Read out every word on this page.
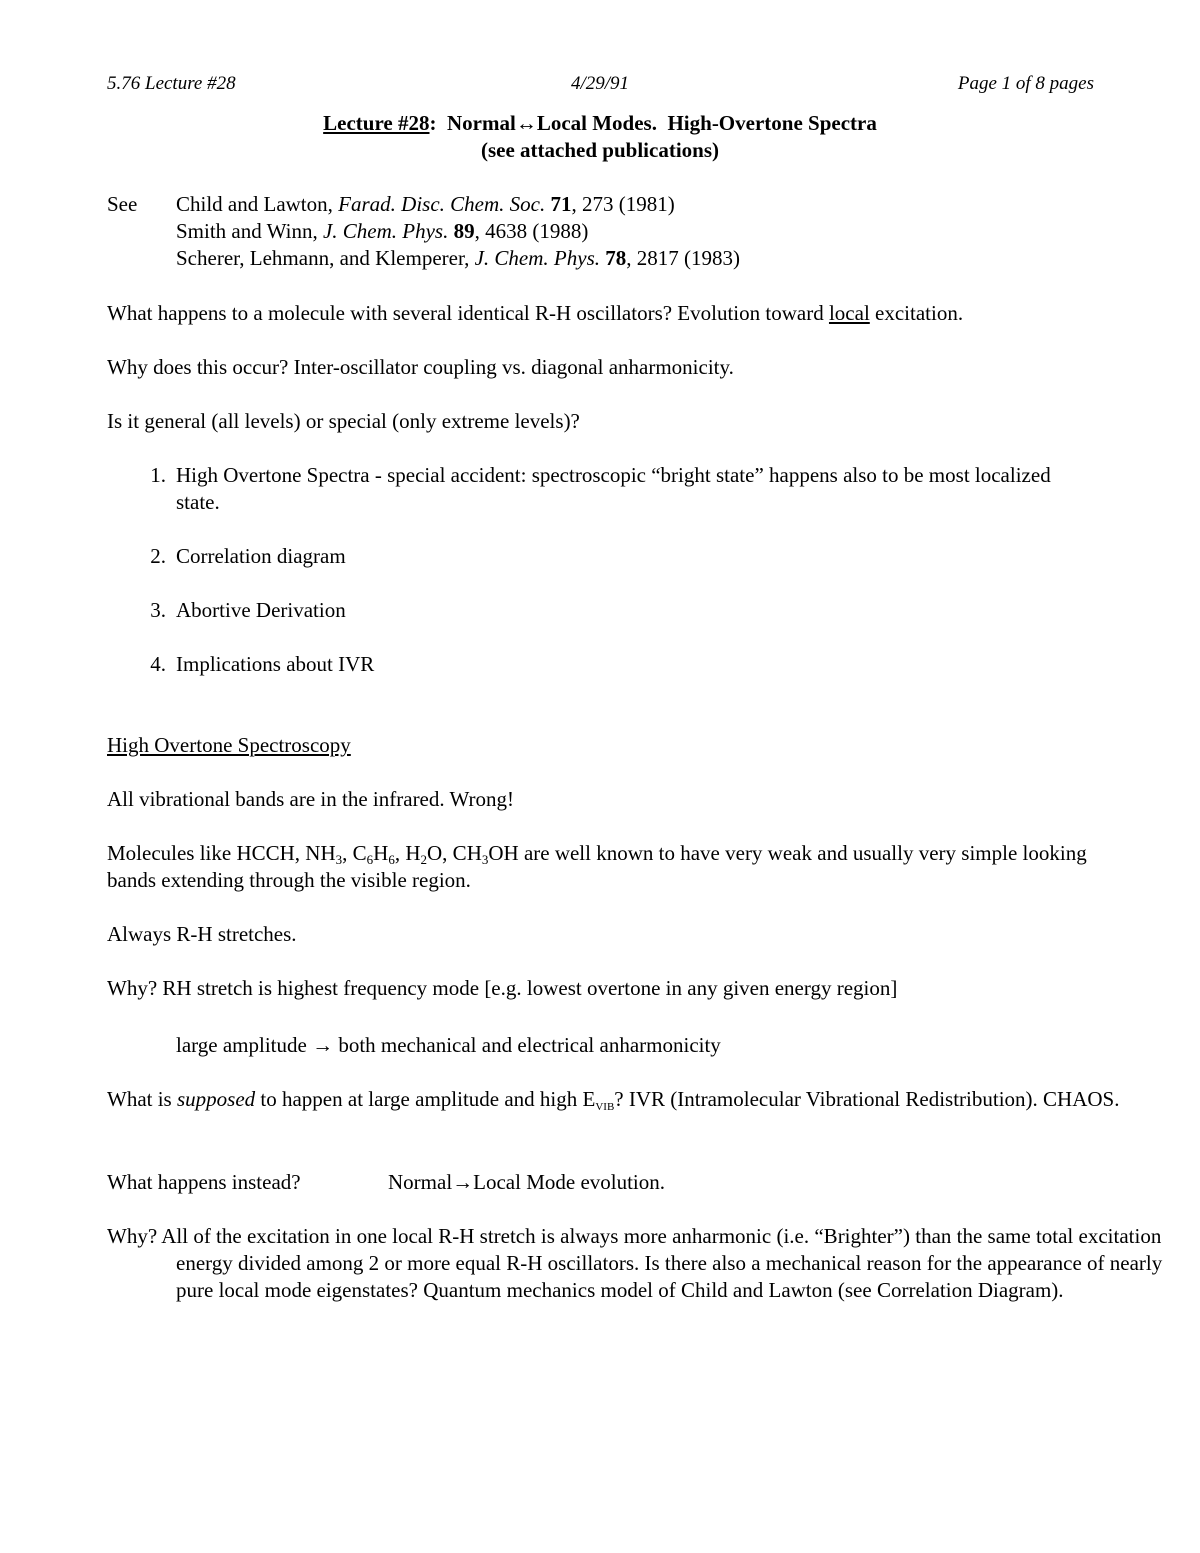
5.76 Lecture #28	4/29/91	Page 1 of 8 pages
Lecture #28:  Normal↔Local Modes.  High-Overtone Spectra
(see attached publications)
See Child and Lawton, Farad. Disc. Chem. Soc. 71, 273 (1981)
Smith and Winn, J. Chem. Phys. 89, 4638 (1988)
Scherer, Lehmann, and Klemperer, J. Chem. Phys. 78, 2817 (1983)
What happens to a molecule with several identical R-H oscillators? Evolution toward local excitation.
Why does this occur? Inter-oscillator coupling vs. diagonal anharmonicity.
Is it general (all levels) or special (only extreme levels)?
1. High Overtone Spectra - special accident: spectroscopic “bright state” happens also to be most localized state.
2. Correlation diagram
3. Abortive Derivation
4. Implications about IVR
High Overtone Spectroscopy
All vibrational bands are in the infrared. Wrong!
Molecules like HCCH, $NH_3$, $C_6H_6$, $H_2O$, $CH_3OH$ are well known to have very weak and usually very simple looking bands extending through the visible region.
Always R-H stretches.
Why? RH stretch is highest frequency mode [e.g. lowest overtone in any given energy region]
large amplitude → both mechanical and electrical anharmonicity
What is supposed to happen at large amplitude and high $E_{VIB}$? IVR (Intramolecular Vibrational Redistribution). CHAOS.
What happens instead?	Normal→Local Mode evolution.
Why? All of the excitation in one local R-H stretch is always more anharmonic (i.e. “Brighter”) than the same total excitation energy divided among 2 or more equal R-H oscillators. Is there also a mechanical reason for the appearance of nearly pure local mode eigenstates? Quantum mechanics model of Child and Lawton (see Correlation Diagram).
